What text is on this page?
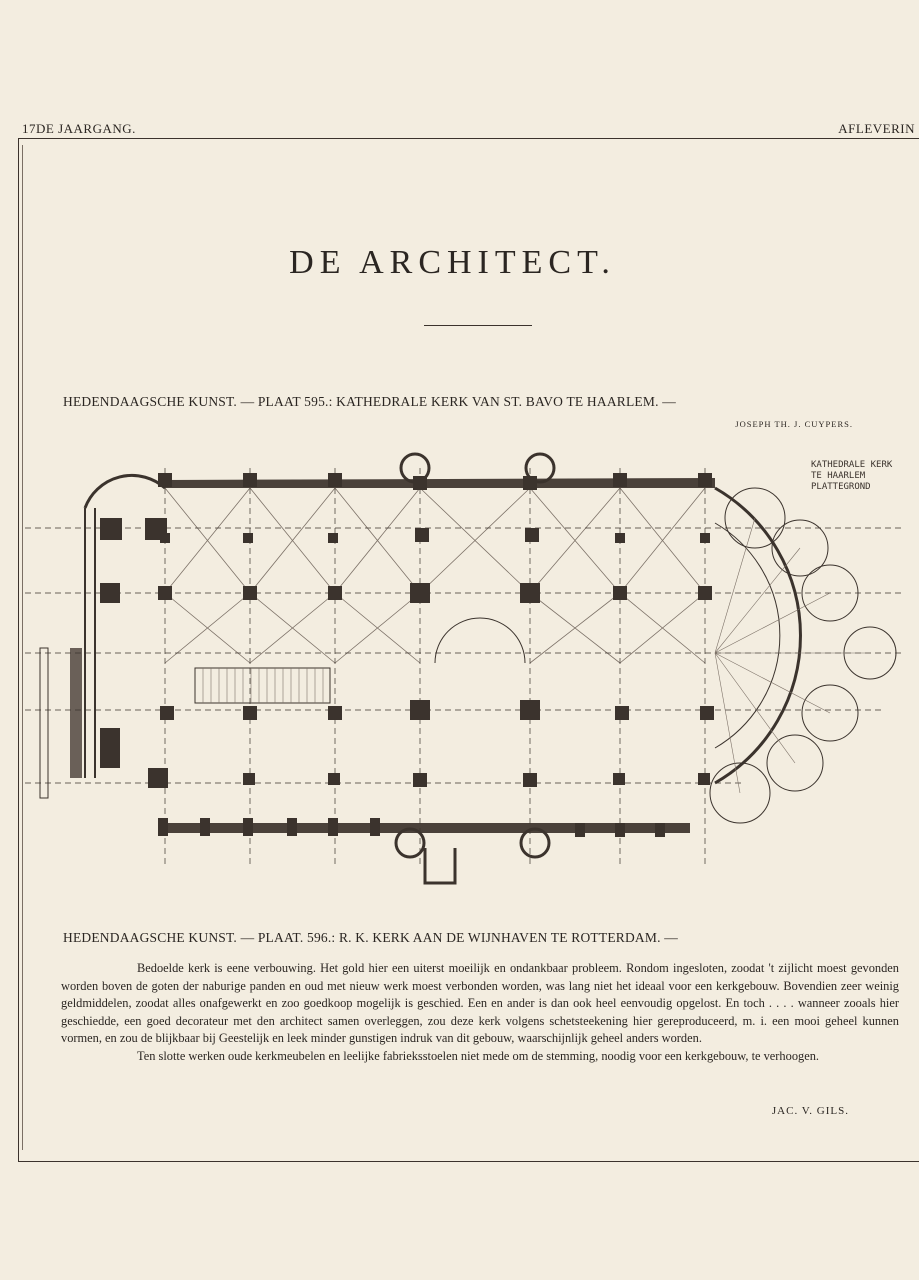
17DE JAARGANG.	AFLEVERIN
DE ARCHITECT.
HEDENDAAGSCHE KUNST. — PLAAT 595.: KATHEDRALE KERK VAN ST. BAVO TE HAARLEM. —
JOSEPH TH. J. CUYPERS.
KATHEDRALE KERK
TE HAARLEM
PLATTEGROND
HEDENDAAGSCHE KUNST. — PLAAT. 596.: R. K. KERK AAN DE WIJNHAVEN TE ROTTERDAM. —

Bedoelde kerk is eene verbouwing. Het gold hier een uiterst moeilijk en ondankbaar probleem. Rondom ingesloten, zoodat 't zijlicht moest gevonden worden boven de goten der naburige panden en oud met nieuw werk moest verbonden worden, was lang niet het ideaal voor een kerkgebouw. Bovendien zeer weinig geldmiddelen, zoodat alles onafgewerkt en zoo goedkoop mogelijk is geschied. Een en ander is dan ook heel eenvoudig opgelost. En toch . . . . wanneer zooals hier geschiedde, een goed decorateur met den architect samen overleggen, zou deze kerk volgens schetsteekening hier gereproduceerd, m. i. een mooi geheel kunnen vormen, en zou de blijkbaar bij Geestelijk en leek minder gunstigen indruk van dit gebouw, waarschijnlijk geheel anders worden.

Ten slotte werken oude kerkmeubelen en leelijke fabrieksstoelen niet mede om de stemming, noodig voor een kerkgebouw, te verhoogen.

JAC. V. GILS.
